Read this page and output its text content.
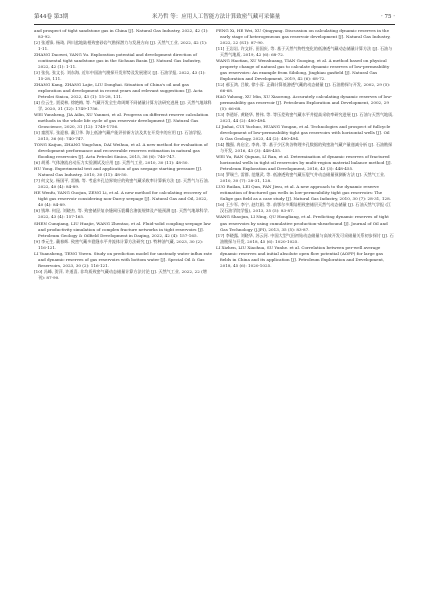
第44卷 第3期	米乃哲 等：应用人工智能方法计算致密气藏可采储量	· 75 ·

and prospect of tight sandstone gas in China [J]. Natural Gas Industry, 2022, 42 (1): 83-92.

[2] 张道锋, 杨琦, 四川盆地陆相致密砂岩气勘探潜力与发展方向 [J]. 天然气工业, 2022, 42 (1): 1-11.

ZHANG Daowei, YANG Yu. Exploration potential and development direction of continental tight sandstone gas in the Sichuan Basin [J]. Natural Gas Industry, 2022, 42 (1): 1-11.

[3] 张抗, 张文长. 刘东海, 近年中国油气勘探开发形势及发展建议 [J]. 石油学报, 2022, 43 (1): 15-28, 111.

ZHANG Kang, ZHANG Lajie, LIU Donghai. Situation of China's oil and gas exploration and development in recent years and relevant suggestions [J]. Acta Petrolei Sinica, 2022, 43 (1): 15-28, 111.

[4] 位云生, 贾爱林, 徐艳梅, 等. 气藏开发全生命周期不同储量计算方法研究进展 [J]. 天然气地球科学, 2020, 31 (12): 1749-1756.

WEI Yunsheng, JIA Ailin, XU Yanmei, et al. Progress on different reserve calculation methods in the whole life cycle of gas reservoir development [J]. Natural Gas Geoscience, 2020, 31 (12): 1749-1756.

[5] 童凯军, 张迎春, 戴卫华. 海上低渗气藏产能评价新方法及其在开发中的应用 [J]. 石油学报, 2015, 36 (6): 740-747.

TONG Kaijun, ZHANG Yingchun, DAI Weihua, et al. A new method for evaluation of development performance and recoverable reserves estimation in natural gas flooding reservoirs [J]. Acta Petrolei Sinica, 2015, 36 (6): 740-747.

[6] 胡勇. 气体渗流启动压力实验测试及应用 [J]. 天然气工业, 2010, 30 (11): 48-50.

HU Yong. Experimental test and application of gas seepage starting pressure [J]. Natural Gas Industry, 2010, 30 (11): 48-50.

[7] 何文友, 杨国平, 雷楠, 等. 考虑多孔边界效应的致密气藏采收率计算新方法 [J]. 天然气与石油, 2022, 40 (4): 84-89.

HE Wenfu, YANG Guojun, ZENG Li, et al. A new method for calculating recovery of tight gas reservoir considering non-Darcy seepage [J]. Natural Gas and Oil, 2022, 40 (4): 84-89.

[8] 钱坤. 何昆, 刘晓杰, 等. 致密储层复杂缝网压裂耦合渗流规律及产能预测 [J]. 天然气地球科学, 2022, 43 (4): 157-165.

SHEN Cunqiang, LIU Huajie, WANG Zhentao, et al. Fluid-solid coupling seepage law and productivity simulation of complex fracture networks in tight reservoirs [J]. Petroleum Geology & Oilfield Development in Daqing, 2022, 42 (4): 157-165.

[9] 李元生, 戴春辉. 致密气藏多裂缝水平井流体计算方法研究 [J]. 特种油气藏, 2023, 30 (2): 116-121.

LI Yuansheng, TENG Yiwen. Study on prediction model for unsteady water influx rate and dynamic reserves of gas reservoirs with bottom water [J]. Special Oil & Gas Reservoirs, 2023, 30 (2): 116-121.

[10] 冯峰, 贺萍, 许道喜, 非均质致密气藏动态储量计算方法讨论 [J]. 天然气工业, 2022, 22 (增刊): 87-90.

FENG Xi, HE Wei, XU Qingyang. Discussion on calculating dynamic reserves in the early stage of heterogeneous gas reservoir development [J]. Natural Gas Industry, 2022, 22 (S1): 87-90.

[11] 王岩岩, 许文轩, 田国庆, 等. 基于天然气物性变化的低渗透气藏动态储量计算方法 [J]. 石油与天然气地质, 2019, 42 (6): 68-72.

WANG Haotian, XU Wenshuang, TIAN Guoqing, et al. A method based on physical property change of natural gas to calculate dynamic reserves of low-permeability gas reservoirs: An example from Sibilong, Jinghiau gasfield [J]. Natural Gas Exploration and Development, 2019, 42 (6): 68-72.

[12] 郝玉鸿, 吕敏, 徐小蓉. 正确计算低渗透气藏的动态储量 [J]. 石油勘探与开发, 2002, 29 (5): 66-68.

HAO Yuhong, XU Min, XU Xiaorong. Accurately calculating dynamic reserves of low-permeability gas reservoir [J]. Petroleum Exploration and Development, 2002, 29 (5): 66-68.

[13] 李道轩, 黄晓华, 曾伟, 等. 等压差致密气藏水平井提高采收率研究进展 [J]. 石油与天然气地质, 2021, 44 (2): 480-494.

LI Jinhai, CUI Yuchuo, HUANG Yongan, et al. Technologies and prospect of fullcycle development of low-permeability tight gas reservoirs with horizontal wells [J]. Oil & Gas Geology, 2023, 44 (2): 480-494.

[14] 魏强, 冉启全, 李冉, 等. 基于少区块各物理多孔数据的致密油气藏产量递减分析 [J]. 石油勘探与开发, 2016, 43 (3): 448-455.

WEI Yu, RAN Qiquan, LI Ran, et al. Determination of dynamic reserves of fractured horizontal wells in tight oil reservoirs by multi-region material balance method [J]. Petroleum Exploration and Development, 2016, 43 (3): 448-455.

[15] 罗瑞兰, 雷群, 范继武, 等. 低渗透致密气藏压裂气井动态储量预测新方法 [J]. 天然气工业, 2010, 30 (7): 28-31, 128.

LUO Ruilan, LEI Qun, FAN Jiwu, et al. A new approach to the dynamic reserve estimation of fractured gas wells in low-permeability tight gas reservoirs: The Sulige gas field as a case study [J]. Natural Gas Industry, 2010, 30 (7): 28-31, 128.

[16] 王少军, 李宁, 赵红娟, 等. 前鄂尔多斯陆相致密储层天然气动态储量 [J]. 石油天然气学报 (江汉石油学院学报), 2013, 35 (5): 83-87.

WANG Shaojun, LI Ning, QU Hongliang, et al. Predicting dynamic reserves of tight gas reservoirs by using cumulative production-shearbound [J]. Journal of Oil and Gas Technology (J.JPI), 2013, 35 (5): 83-87.

[17] 李晓露, 刘晓华, 苏云河. 中国大型气田初始动态储量与高效开发可采储量关系初步探讨 [J]. 石油勘探与开发, 2018, 45 (6): 1020-1025.

LI Xizhen, LIU Xiaohua, SU Yunhe. et al. Correlation between per-well average dynamic reserves and initial absolute open flow potential (AOFP) for large gas fields in China and its application [J]. Petroleum Exploration and Development, 2018, 45 (6): 1020-1025.
